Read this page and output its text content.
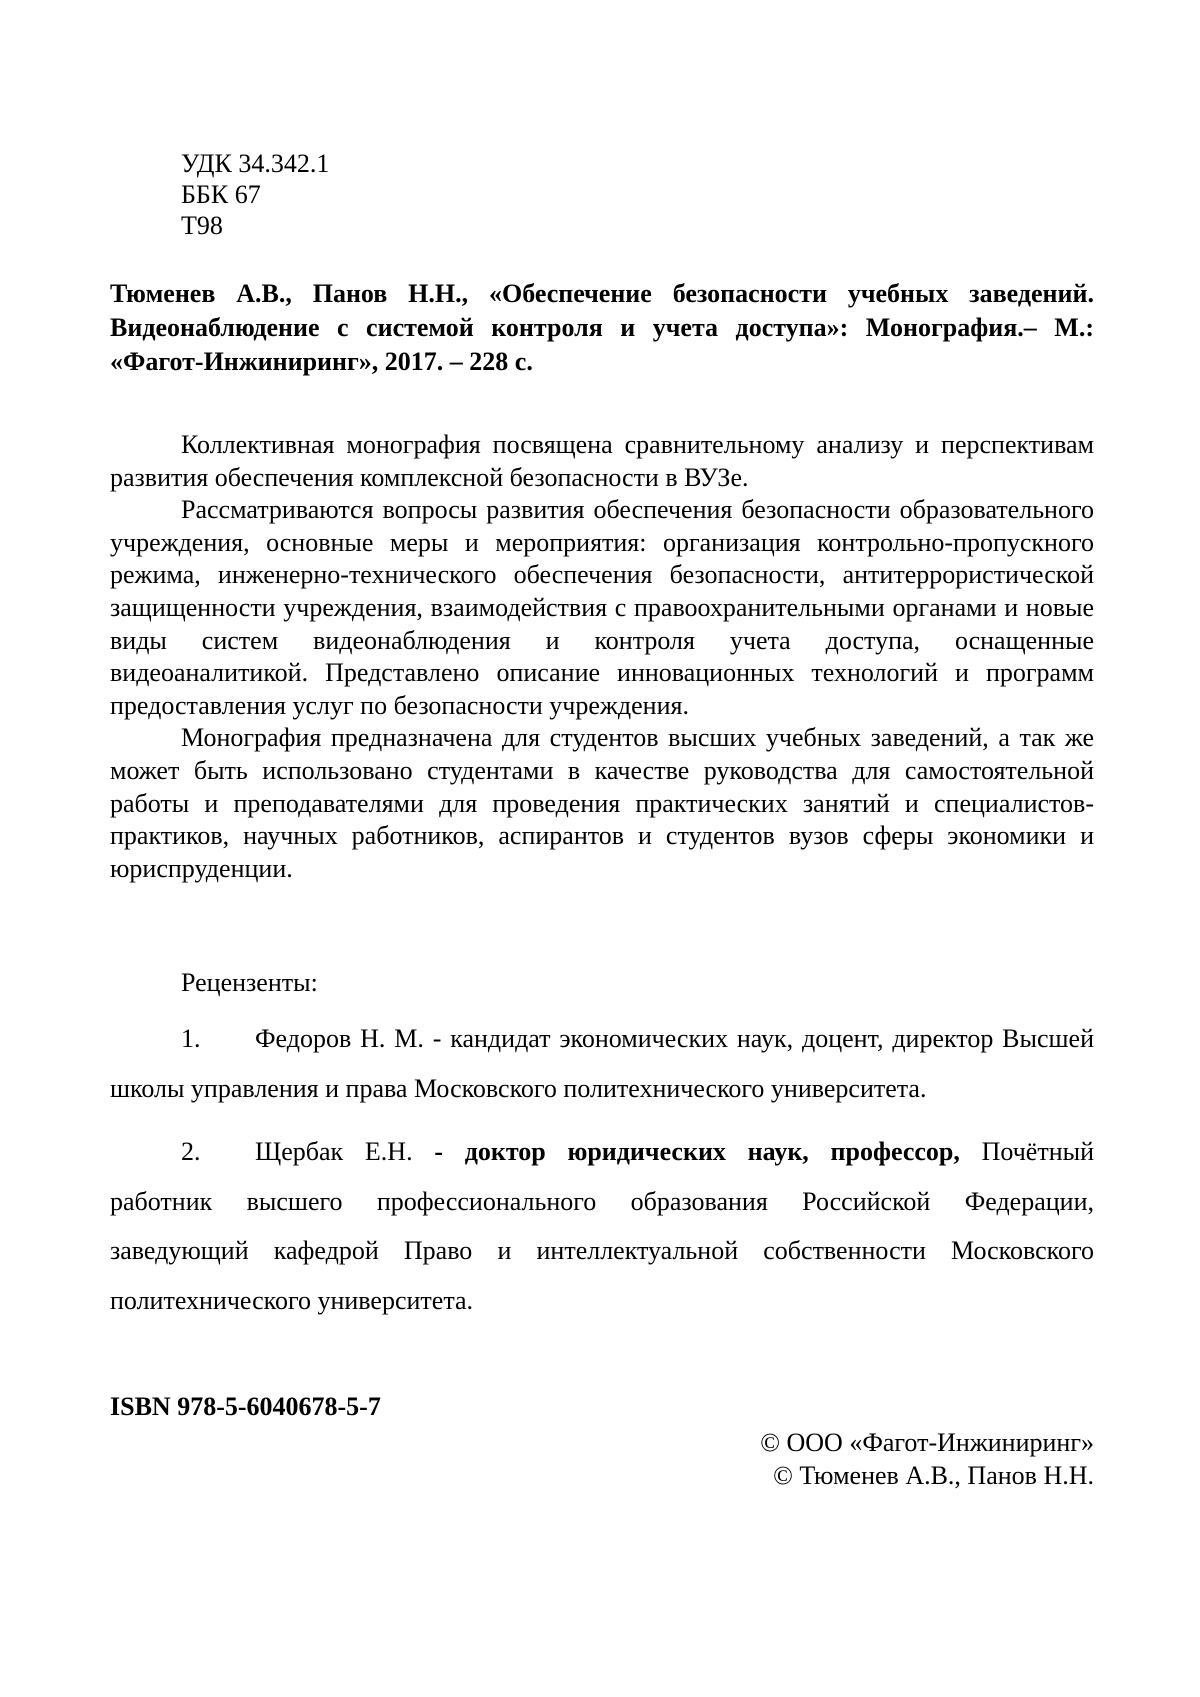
УДК 34.342.1
ББК 67
Т98
Тюменев А.В., Панов Н.Н., «Обеспечение безопасности учебных заведений.
Видеонаблюдение с системой контроля и учета доступа»: Монография.– М.:
«Фагот-Инжиниринг», 2017. – 228 с.

Коллективная монография посвящена сравнительному анализу и перспективам развития обеспечения комплексной безопасности в ВУЗе.

Рассматриваются вопросы развития обеспечения безопасности образовательного учреждения, основные меры и мероприятия: организация контрольно-пропускного режима, инженерно-технического обеспечения безопасности, антитеррористической защищенности учреждения, взаимодействия с правоохранительными органами и новые виды систем видеонаблюдения и контроля учета доступа, оснащенные видеоаналитикой. Представлено описание инновационных технологий и программ предоставления услуг по безопасности учреждения.

Монография предназначена для студентов высших учебных заведений, а так же может быть использовано студентами в качестве руководства для самостоятельной работы и преподавателями для проведения практических занятий и специалистов-практиков, научных работников, аспирантов и студентов вузов сферы экономики и юриспруденции.

Рецензенты:
1. Федоров Н. М. - кандидат экономических наук, доцент, директор Высшей школы управления и права Московского политехнического университета.
2. Щербак Е.Н. - доктор юридических наук, профессор, Почётный работник высшего профессионального образования Российской Федерации, заведующий кафедрой Право и интеллектуальной собственности Московского политехнического университета.
ISBN 978-5-6040678-5-7
© ООО «Фагот-Инжиниринг»
© Тюменев А.В., Панов Н.Н.
